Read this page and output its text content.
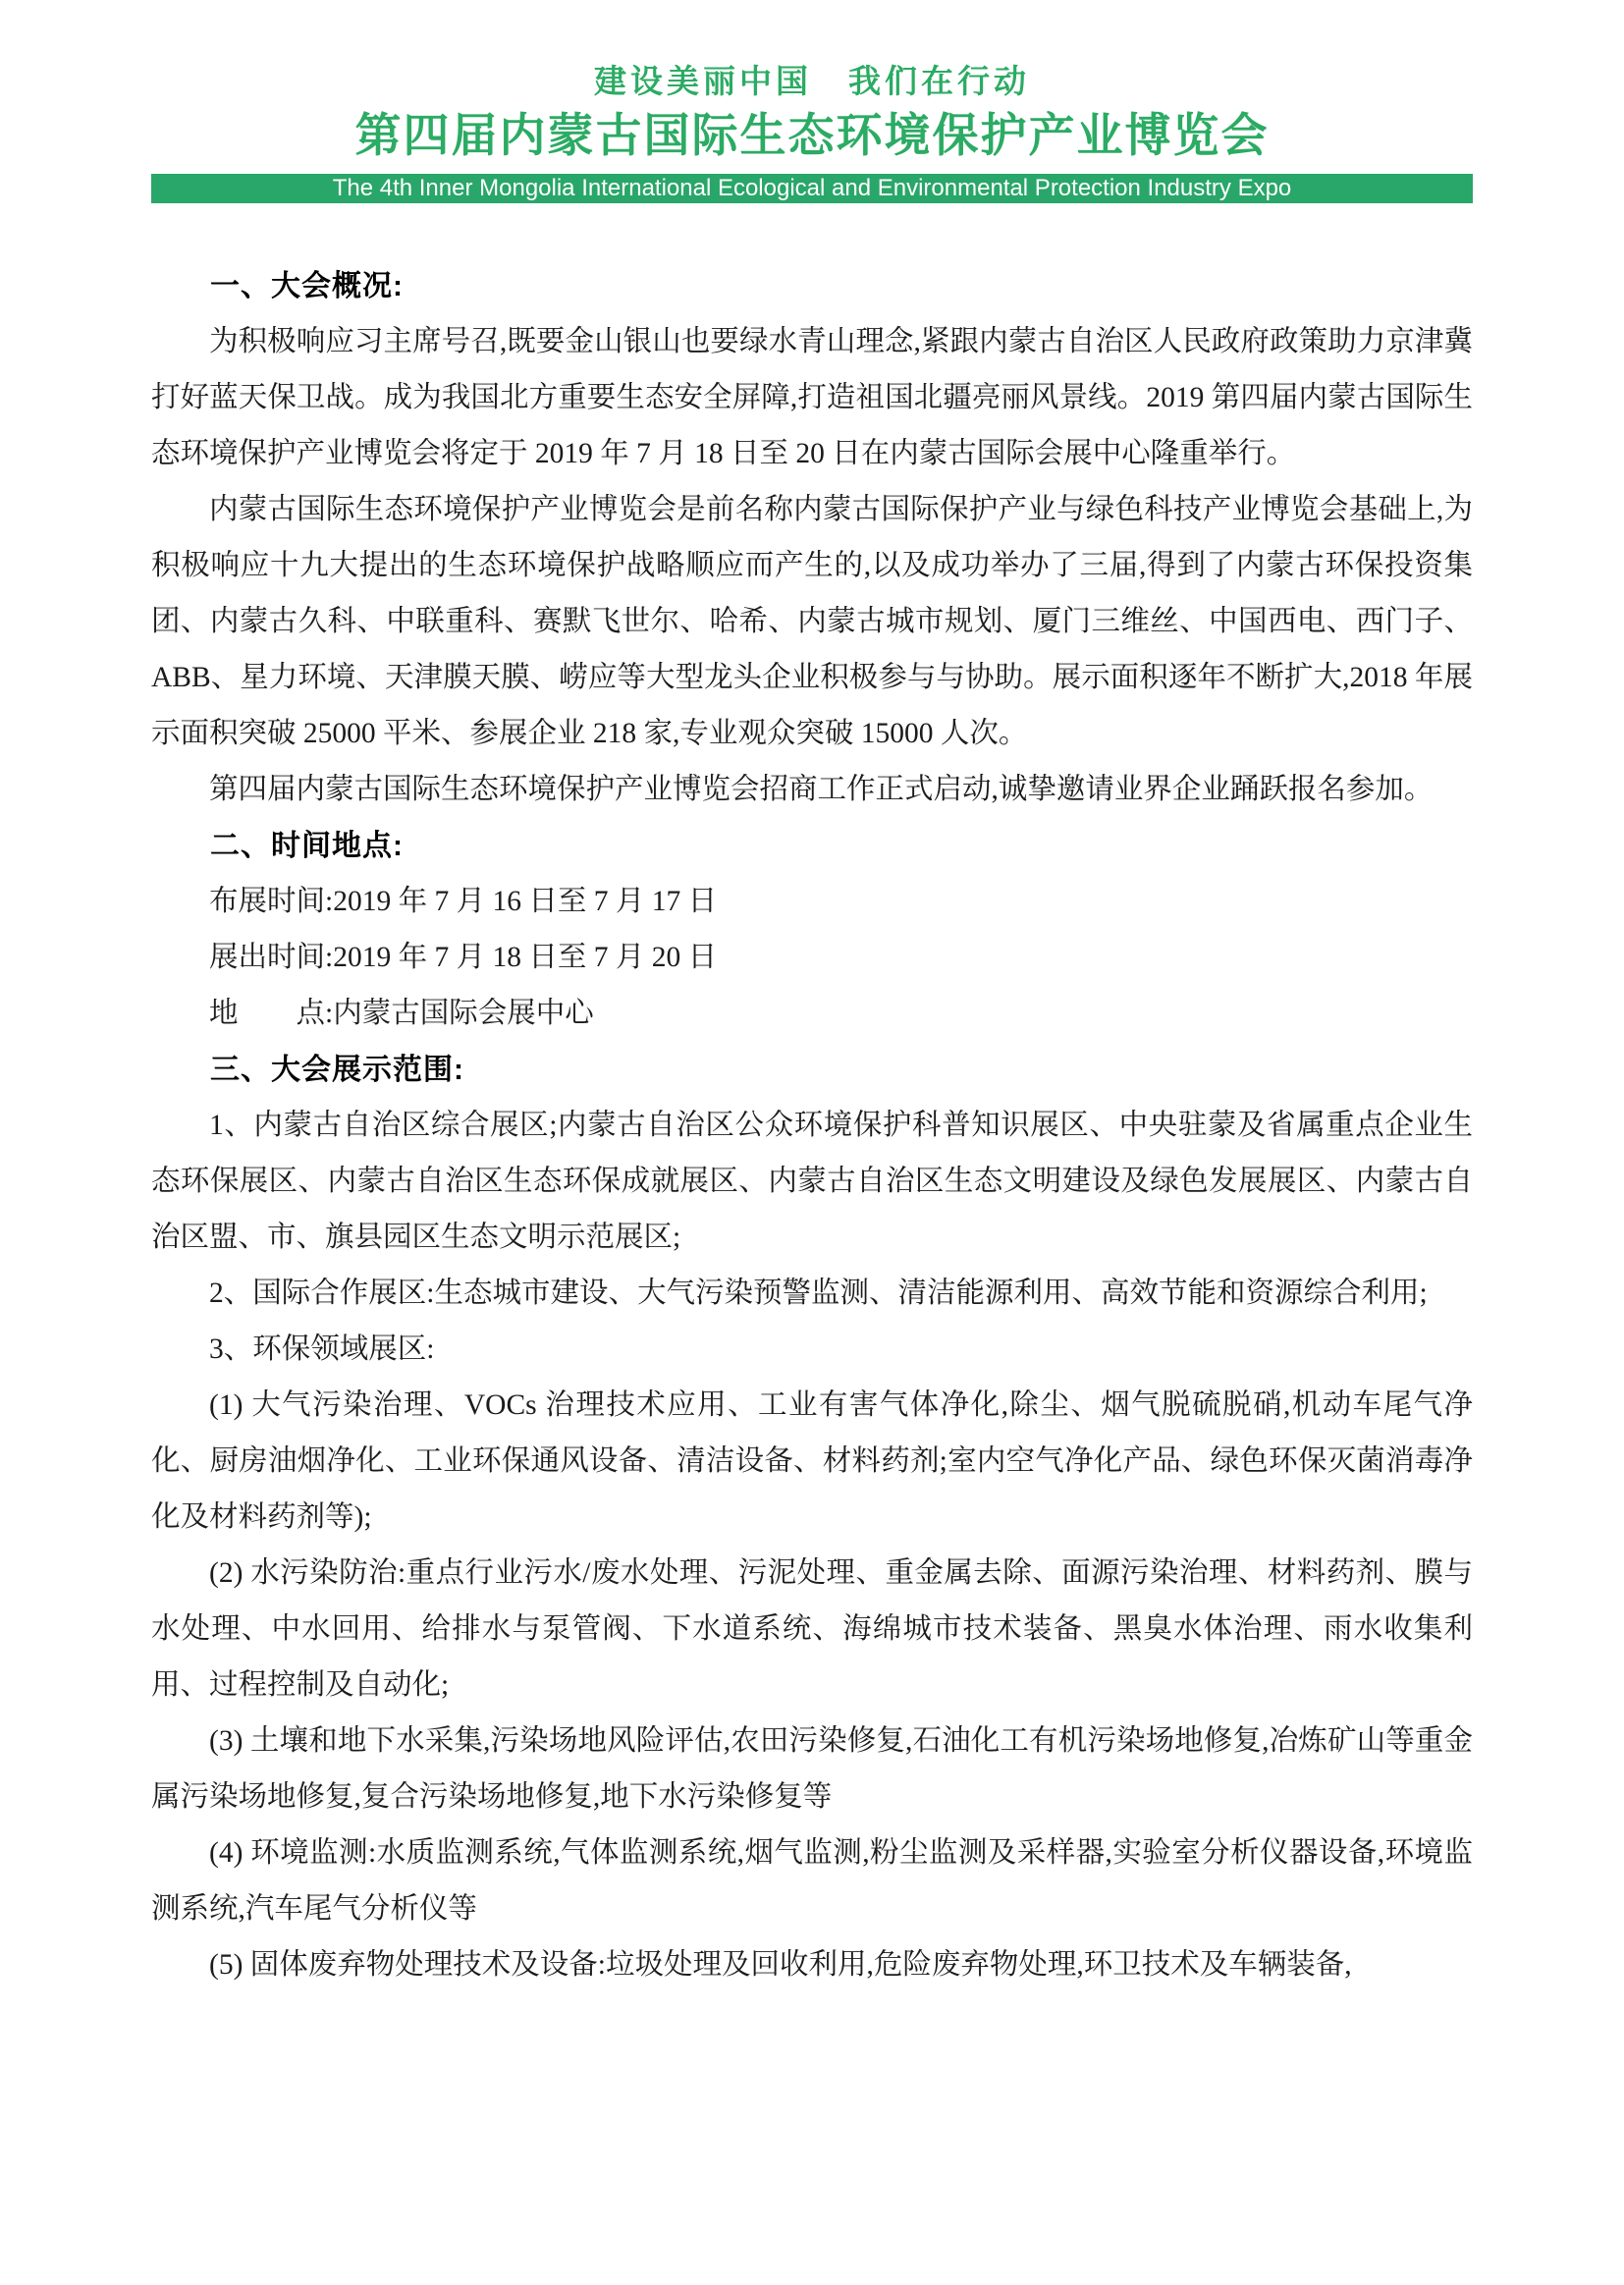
建设美丽中国　我们在行动

第四届内蒙古国际生态环境保护产业博览会
The 4th Inner Mongolia International Ecological and Environmental Protection Industry Expo

一、大会概况:

为积极响应习主席号召,既要金山银山也要绿水青山理念,紧跟内蒙古自治区人民政府政策助力京津冀打好蓝天保卫战。成为我国北方重要生态安全屏障,打造祖国北疆亮丽风景线。2019 第四届内蒙古国际生态环境保护产业博览会将定于 2019 年 7 月 18 日至 20 日在内蒙古国际会展中心隆重举行。

内蒙古国际生态环境保护产业博览会是前名称内蒙古国际保护产业与绿色科技产业博览会基础上,为积极响应十九大提出的生态环境保护战略顺应而产生的,以及成功举办了三届,得到了内蒙古环保投资集团、内蒙古久科、中联重科、赛默飞世尔、哈希、内蒙古城市规划、厦门三维丝、中国西电、西门子、ABB、星力环境、天津膜天膜、崂应等大型龙头企业积极参与与协助。展示面积逐年不断扩大,2018 年展示面积突破 25000 平米、参展企业 218 家,专业观众突破 15000 人次。

第四届内蒙古国际生态环境保护产业博览会招商工作正式启动,诚挚邀请业界企业踊跃报名参加。

二、时间地点:

布展时间:2019 年 7 月 16 日至 7 月 17 日

展出时间:2019 年 7 月 18 日至 7 月 20 日

地　　点:内蒙古国际会展中心

三、大会展示范围:

1、内蒙古自治区综合展区;内蒙古自治区公众环境保护科普知识展区、中央驻蒙及省属重点企业生态环保展区、内蒙古自治区生态环保成就展区、内蒙古自治区生态文明建设及绿色发展展区、内蒙古自治区盟、市、旗县园区生态文明示范展区;

2、国际合作展区:生态城市建设、大气污染预警监测、清洁能源利用、高效节能和资源综合利用;

3、环保领域展区:

(1) 大气污染治理、VOCs 治理技术应用、工业有害气体净化,除尘、烟气脱硫脱硝,机动车尾气净化、厨房油烟净化、工业环保通风设备、清洁设备、材料药剂;室内空气净化产品、绿色环保灭菌消毒净化及材料药剂等);

(2) 水污染防治:重点行业污水/废水处理、污泥处理、重金属去除、面源污染治理、材料药剂、膜与水处理、中水回用、给排水与泵管阀、下水道系统、海绵城市技术装备、黑臭水体治理、雨水收集利用、过程控制及自动化;

(3) 土壤和地下水采集,污染场地风险评估,农田污染修复,石油化工有机污染场地修复,冶炼矿山等重金属污染场地修复,复合污染场地修复,地下水污染修复等

(4) 环境监测:水质监测系统,气体监测系统,烟气监测,粉尘监测及采样器,实验室分析仪器设备,环境监测系统,汽车尾气分析仪等

(5) 固体废弃物处理技术及设备:垃圾处理及回收利用,危险废弃物处理,环卫技术及车辆装备,
